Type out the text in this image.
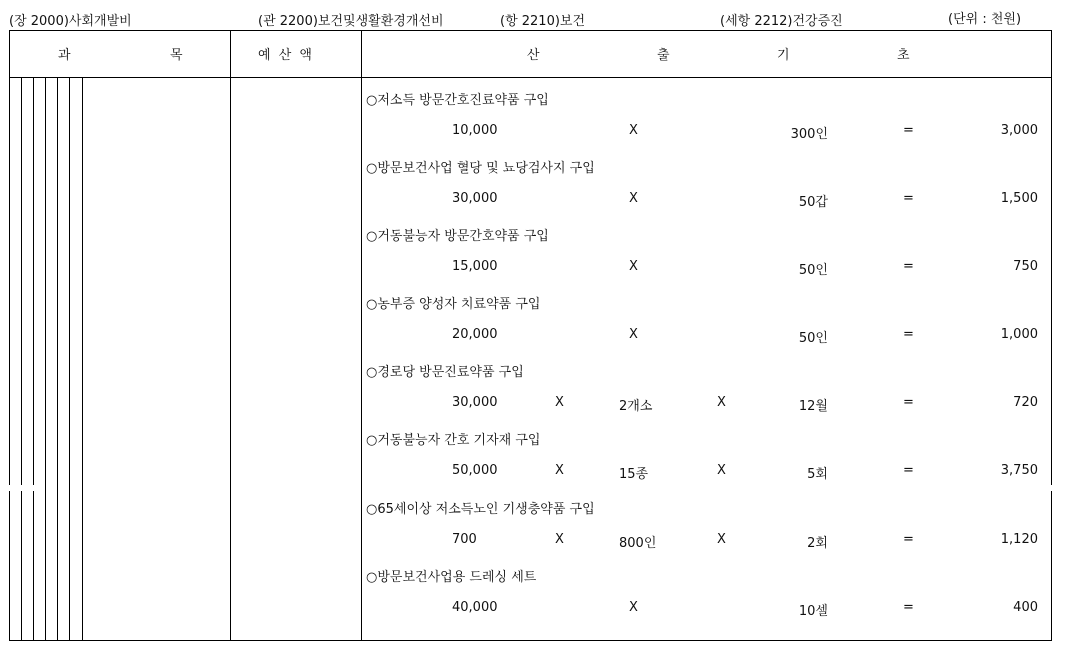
(장 2000)사회개발비	(관 2200)보건및생활환경개선비	(항 2210)보건	(세항 2212)건강증진	(단위 : 천원)
과	목	예 산 액	산	출	기	초
○저소득 방문간호진료약품 구입
10,000	X	300인	=	3,000
○방문보건사업 혈당 및 뇨당검사지 구입
30,000	X	50갑	=	1,500
○거동불능자 방문간호약품 구입
15,000	X	50인	=	750
○농부증 양성자 치료약품 구입
20,000	X	50인	=	1,000
○경로당 방문진료약품 구입
30,000	X	2개소	X	12월	=	720
○거동불능자 간호 기자재 구입
50,000	X	15종	X	5회	=	3,750
○65세이상 저소득노인 기생충약품 구입
700	X	800인	X	2회	=	1,120
○방문보건사업용 드레싱 세트
40,000	X	10셀	=	400
